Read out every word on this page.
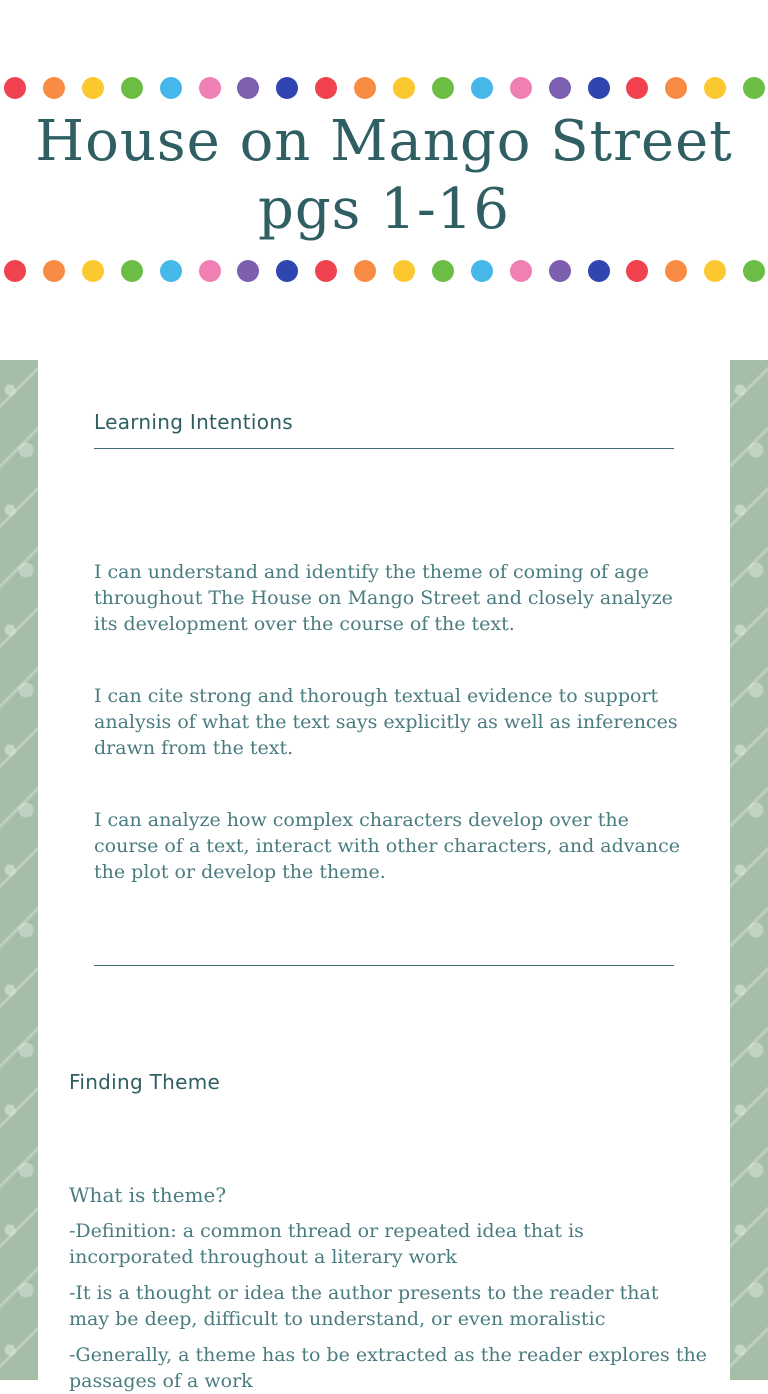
House on Mango Street pgs 1-16
Learning Intentions

I can understand and identify the theme of coming of age throughout The House on Mango Street and closely analyze its development over the course of the text.

I can cite strong and thorough textual evidence to support analysis of what the text says explicitly as well as inferences drawn from the text.

I can analyze how complex characters develop over the course of a text, interact with other characters, and advance the plot or develop the theme.

Finding Theme

What is theme?

-Definition: a common thread or repeated idea that is incorporated throughout a literary work

-It is a thought or idea the author presents to the reader that may be deep, difficult to understand, or even moralistic

-Generally, a theme has to be extracted as the reader explores the passages of a work
